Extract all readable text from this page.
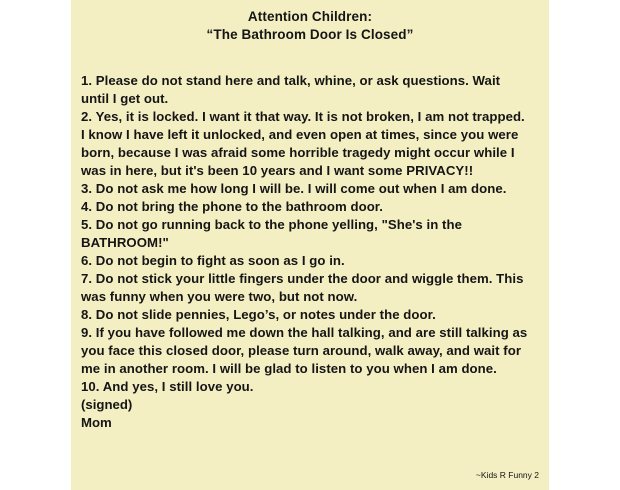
Attention Children:
“The Bathroom Door Is Closed”

1. Please do not stand here and talk, whine, or ask questions. Wait until I get out.

2. Yes, it is locked. I want it that way. It is not broken, I am not trapped. I know I have left it unlocked, and even open at times, since you were born, because I was afraid some horrible tragedy might occur while I was in here, but it's been 10 years and I want some PRIVACY!!

3. Do not ask me how long I will be. I will come out when I am done.

4. Do not bring the phone to the bathroom door.

5. Do not go running back to the phone yelling, "She's in the BATHROOM!"

6. Do not begin to fight as soon as I go in.

7. Do not stick your little fingers under the door and wiggle them. This was funny when you were two, but not now.

8. Do not slide pennies, Lego’s, or notes under the door.

9. If you have followed me down the hall talking, and are still talking as you face this closed door, please turn around, walk away, and wait for me in another room. I will be glad to listen to you when I am done.

10. And yes, I still love you.

(signed)

Mom

~Kids R Funny 2
